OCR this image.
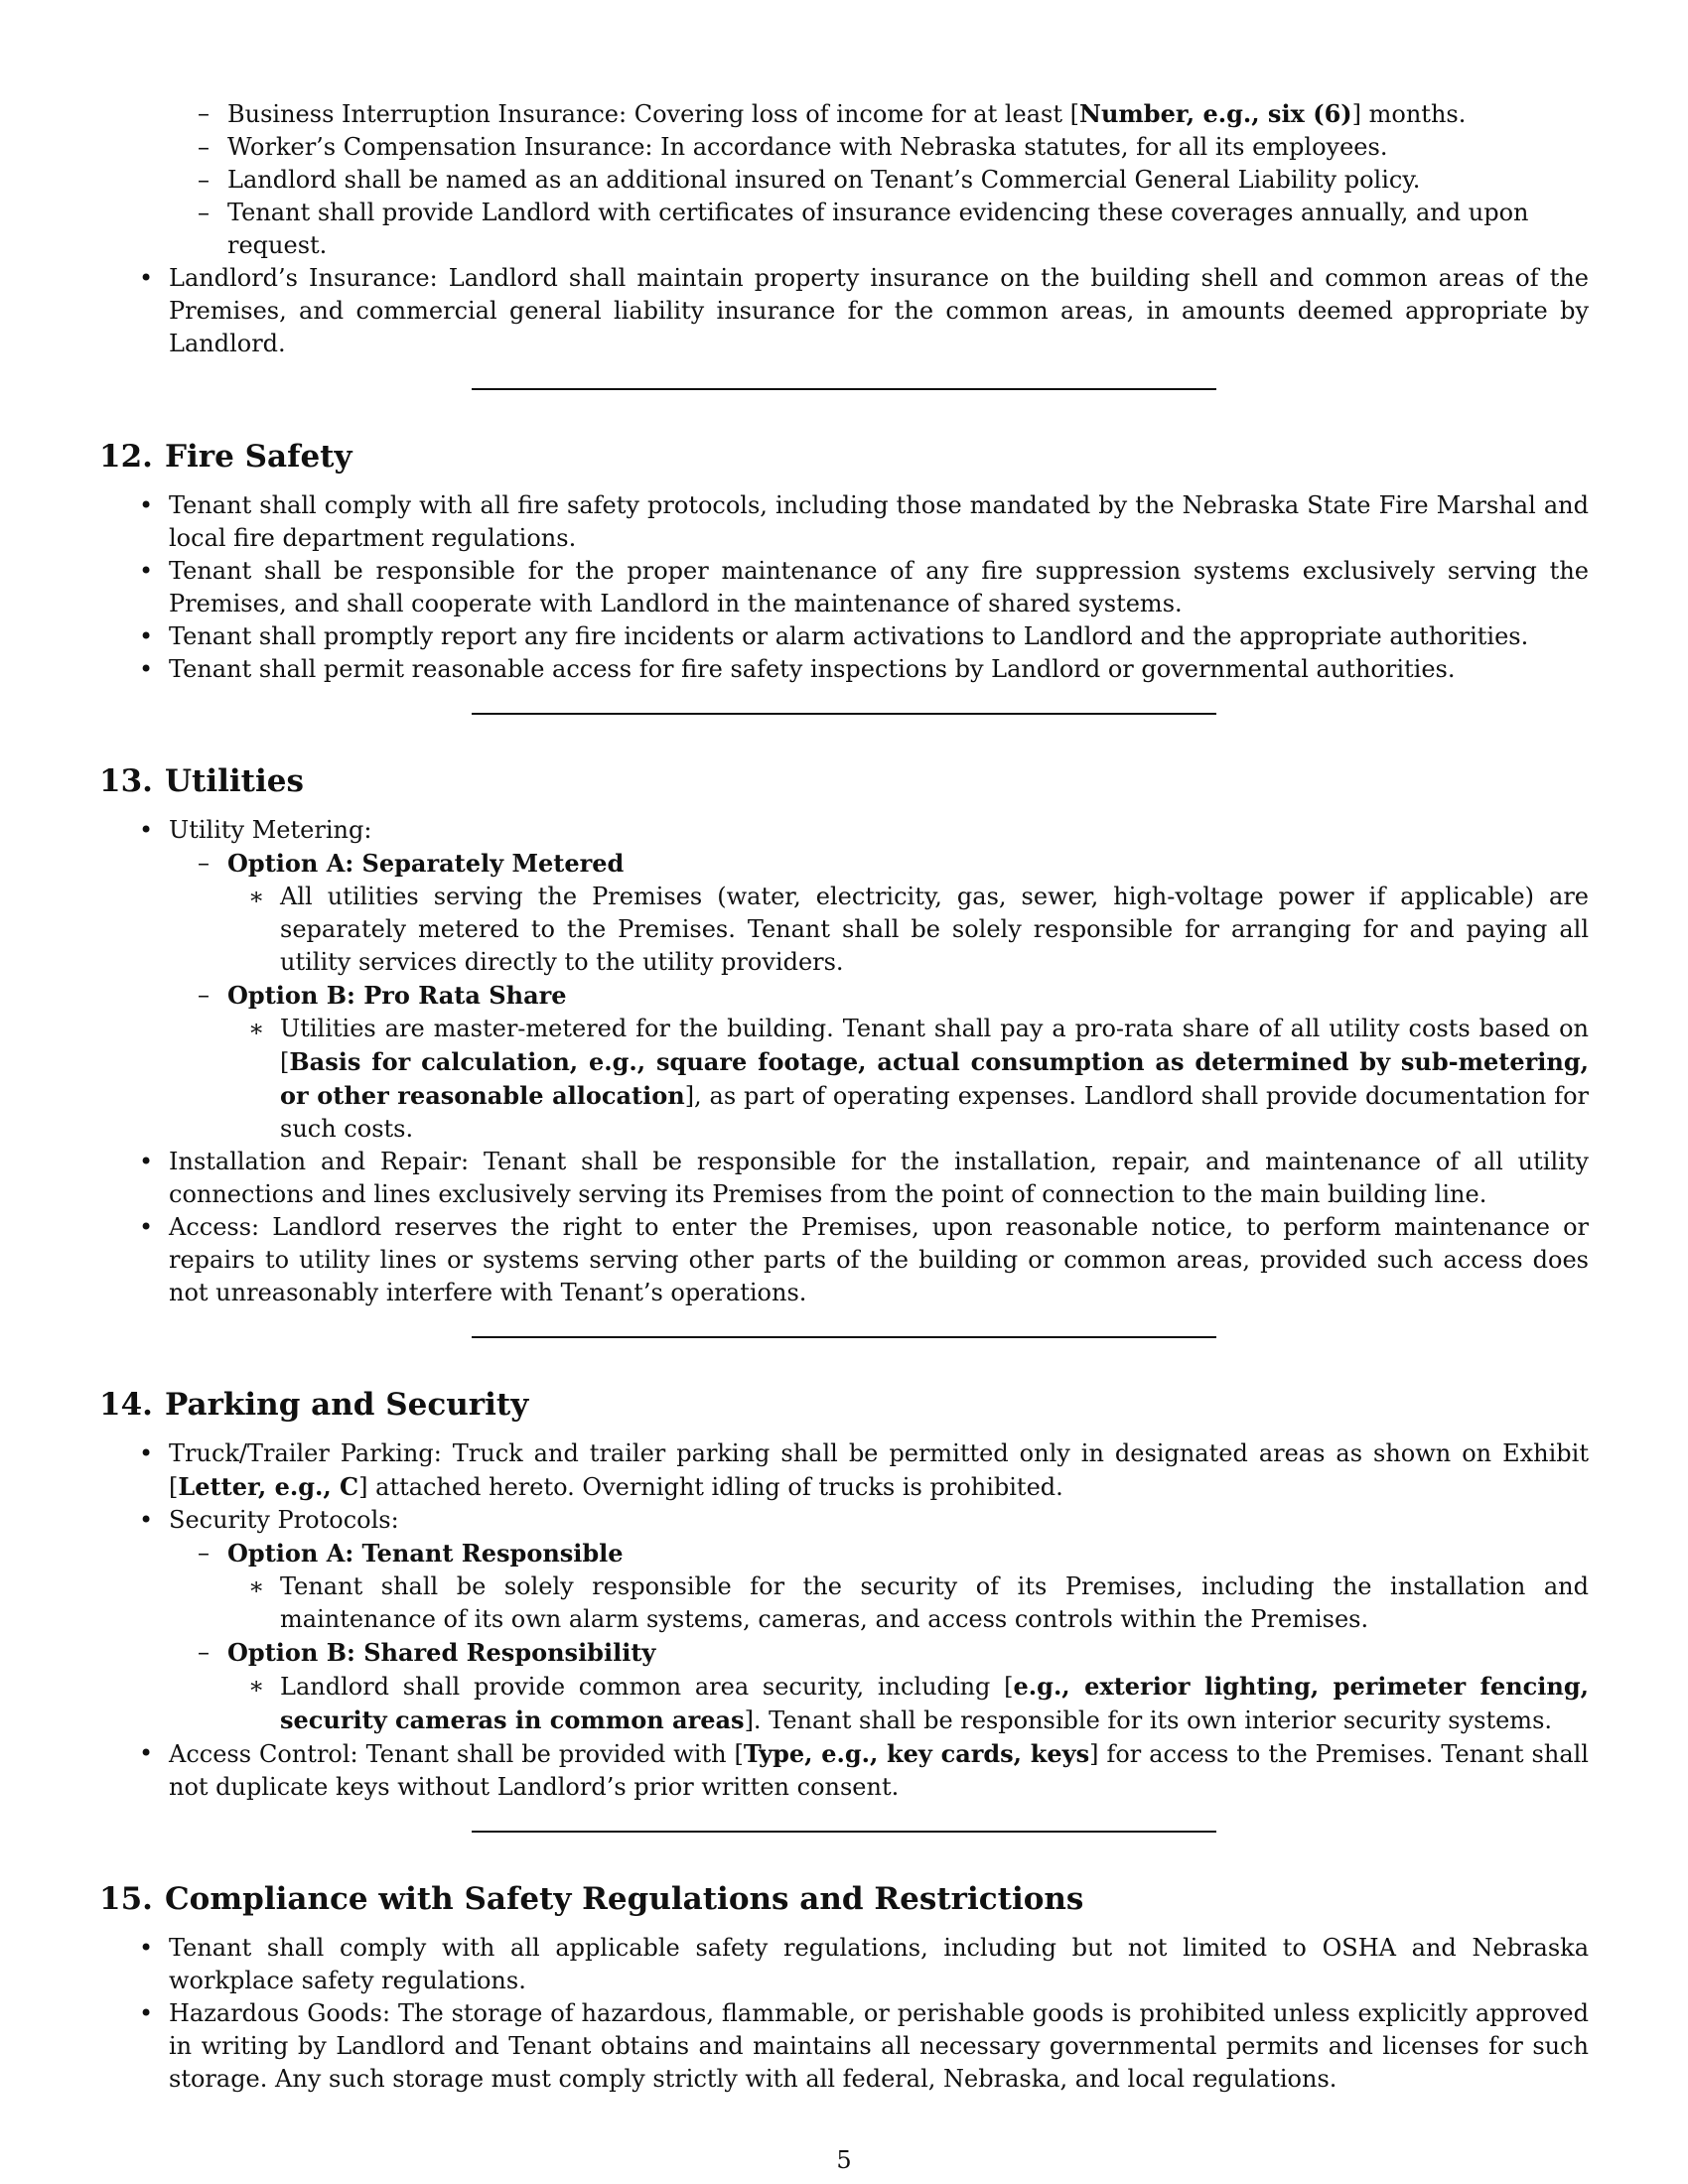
– Business Interruption Insurance: Covering loss of income for at least [Number, e.g., six (6)] months.
– Worker’s Compensation Insurance: In accordance with Nebraska statutes, for all its employees.
– Landlord shall be named as an additional insured on Tenant’s Commercial General Liability policy.
– Tenant shall provide Landlord with certificates of insurance evidencing these coverages annually, and upon request.
• Landlord’s Insurance: Landlord shall maintain property insurance on the building shell and common areas of the Premises, and commercial general liability insurance for the common areas, in amounts deemed appropriate by Landlord.
12. Fire Safety
• Tenant shall comply with all fire safety protocols, including those mandated by the Nebraska State Fire Marshal and local fire department regulations.
• Tenant shall be responsible for the proper maintenance of any fire suppression systems exclusively serving the Premises, and shall cooperate with Landlord in the maintenance of shared systems.
• Tenant shall promptly report any fire incidents or alarm activations to Landlord and the appropriate authorities.
• Tenant shall permit reasonable access for fire safety inspections by Landlord or governmental authorities.
13. Utilities
• Utility Metering:
– Option A: Separately Metered
∗ All utilities serving the Premises (water, electricity, gas, sewer, high-voltage power if applicable) are separately metered to the Premises. Tenant shall be solely responsible for arranging for and paying all utility services directly to the utility providers.
– Option B: Pro Rata Share
∗ Utilities are master-metered for the building. Tenant shall pay a pro-rata share of all utility costs based on [Basis for calculation, e.g., square footage, actual consumption as determined by sub-metering, or other reasonable allocation], as part of operating expenses. Landlord shall provide documentation for such costs.
• Installation and Repair: Tenant shall be responsible for the installation, repair, and maintenance of all utility connections and lines exclusively serving its Premises from the point of connection to the main building line.
• Access: Landlord reserves the right to enter the Premises, upon reasonable notice, to perform maintenance or repairs to utility lines or systems serving other parts of the building or common areas, provided such access does not unreasonably interfere with Tenant’s operations.
14. Parking and Security
• Truck/Trailer Parking: Truck and trailer parking shall be permitted only in designated areas as shown on Exhibit [Letter, e.g., C] attached hereto. Overnight idling of trucks is prohibited.
• Security Protocols:
– Option A: Tenant Responsible
∗ Tenant shall be solely responsible for the security of its Premises, including the installation and maintenance of its own alarm systems, cameras, and access controls within the Premises.
– Option B: Shared Responsibility
∗ Landlord shall provide common area security, including [e.g., exterior lighting, perimeter fencing, security cameras in common areas]. Tenant shall be responsible for its own interior security systems.
• Access Control: Tenant shall be provided with [Type, e.g., key cards, keys] for access to the Premises. Tenant shall not duplicate keys without Landlord’s prior written consent.
15. Compliance with Safety Regulations and Restrictions
• Tenant shall comply with all applicable safety regulations, including but not limited to OSHA and Nebraska workplace safety regulations.
• Hazardous Goods: The storage of hazardous, flammable, or perishable goods is prohibited unless explicitly approved in writing by Landlord and Tenant obtains and maintains all necessary governmental permits and licenses for such storage. Any such storage must comply strictly with all federal, Nebraska, and local regulations.
5
